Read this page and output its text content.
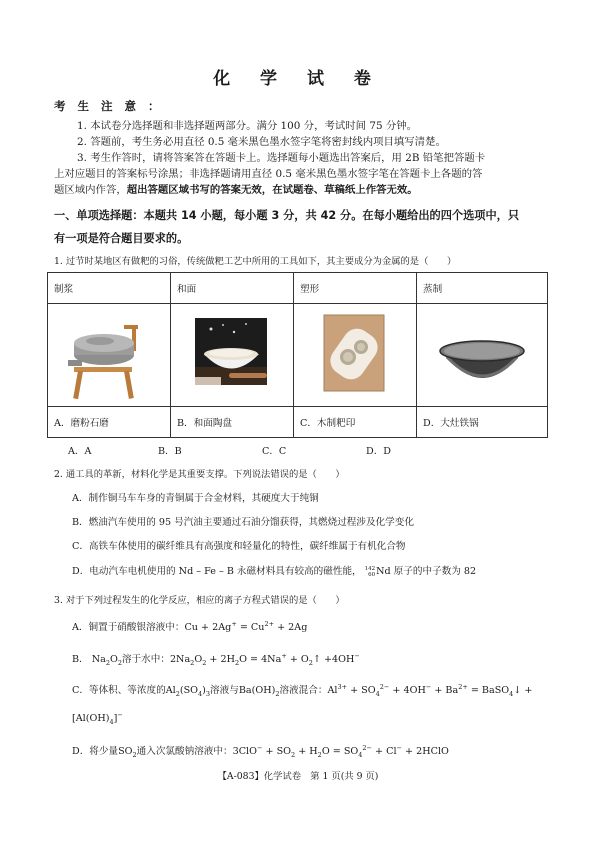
化 学 试 卷
考 生 注 意 ：
1. 本试卷分选择题和非选择题两部分。满分 100 分，考试时间 75 分钟。
2. 答题前，考生务必用直径 0.5 毫米黑色墨水签字笔将密封线内项目填写清楚。
3. 考生作答时，请将答案答在答题卡上。选择题每小题选出答案后，用 2B 铅笔把答题卡
上对应题目的答案标号涂黑；非选择题请用直径 0.5 毫米黑色墨水签字笔在答题卡上各题的答
题区域内作答，超出答题区域书写的答案无效，在试题卷、草稿纸上作答无效。
一、单项选择题：本题共 14 小题，每小题 3 分，共 42 分。在每小题给出的四个选项中，只
有一项是符合题目要求的。
1. 过节时某地区有做粑的习俗，传统做粑工艺中所用的工具如下，其主要成分为金属的是（　　）
制浆	和面	塑形	蒸制

A．磨粉石磨	B．和面陶盘	C．木制粑印	D．大灶铁锅
A．A	B．B	C．C	D．D
2. 通工具的革新，材料化学是其重要支撑。下列说法错误的是（　　）
A．制作铜马车车身的青铜属于合金材料，其硬度大于纯铜
B．燃油汽车使用的 95 号汽油主要通过石油分馏获得，其燃烧过程涉及化学变化
C．高铁车体使用的碳纤维具有高强度和轻量化的特性，碳纤维属于有机化合物
D．电动汽车电机使用的 Nd – Fe – B 永磁材料具有较高的磁性能， 142
60Nd 原子的中子数为 82
3. 对于下列过程发生的化学反应，相应的离子方程式错误的是（　　）
A．铜置于硝酸银溶液中：$Cu + 2Ag^+ = Cu^{2+} + 2Ag$
B． $Na_2O_2$溶于水中：$2Na_2O_2 + 2H_2O = 4Na^+$ + $O_2↑ +4OH^-$
C．等体积、等浓度的$Al_2(SO_4)_3$溶液与$Ba(OH)_2$溶液混合：$Al^{3+} + SO_4^{2-} + 4OH^- + Ba^{2+}$ = BaSO$_4$↓ +
$[Al(OH)_4]^-$
D．将少量$SO_2$通入次氯酸钠溶液中：$3ClO^- + SO_2 + H_2O = SO_4^{2-} + Cl^-$ + 2HClO
【A-083】化学试卷　第 1 页(共 9 页)
